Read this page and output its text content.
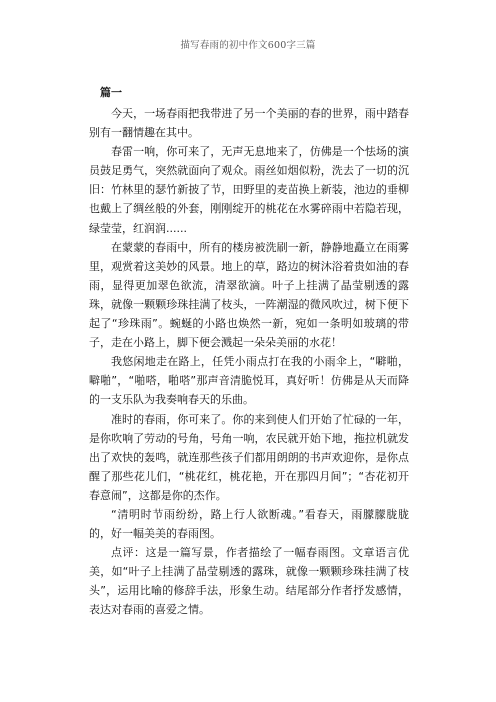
描写春雨的初中作文600字三篇
篇一

今天，一场春雨把我带进了另一个美丽的春的世界，雨中踏春别有一翻情趣在其中。

春雷一响，你可来了，无声无息地来了，仿佛是一个怯场的演员鼓足勇气，突然就面向了观众。雨丝如烟似粉，洗去了一切的沉旧：竹林里的瑟竹新披了节，田野里的麦苗换上新装，池边的垂柳也戴上了绸丝般的外套，刚刚绽开的桃花在水雾碎雨中若隐若现，绿莹莹，红润润......

在蒙蒙的春雨中，所有的楼房被洗刷一新，静静地矗立在雨雾里，观赏着这美妙的风景。地上的草，路边的树沐浴着贵如油的春雨，显得更加翠色欲流，清翠欲滴。叶子上挂满了晶莹剔透的露珠，就像一颗颗珍珠挂满了枝头，一阵潮湿的微风吹过，树下便下起了“珍珠雨”。蜿蜒的小路也焕然一新，宛如一条明如玻璃的带子，走在小路上，脚下便会溅起一朵朵美丽的水花！

我悠闲地走在路上，任凭小雨点打在我的小雨伞上，“噼啪，噼啪”，“啪嗒，啪嗒”那声音清脆悦耳，真好听！仿佛是从天而降的一支乐队为我奏响春天的乐曲。

准时的春雨，你可来了。你的来到使人们开始了忙碌的一年，是你吹响了劳动的号角，号角一响，农民就开始下地，拖拉机就发出了欢快的轰鸣，就连那些孩子们都用朗朗的书声欢迎你，是你点醒了那些花儿们，“桃花红，桃花艳，开在那四月间”；“杏花初开春意闹”，这都是你的杰作。

“清明时节雨纷纷，路上行人欲断魂。”看春天，雨朦朦胧胧的，好一幅美美的春雨图。

点评：这是一篇写景，作者描绘了一幅春雨图。文章语言优美，如“叶子上挂满了晶莹剔透的露珠，就像一颗颗珍珠挂满了枝头”，运用比喻的修辞手法，形象生动。结尾部分作者抒发感情，表达对春雨的喜爱之情。
